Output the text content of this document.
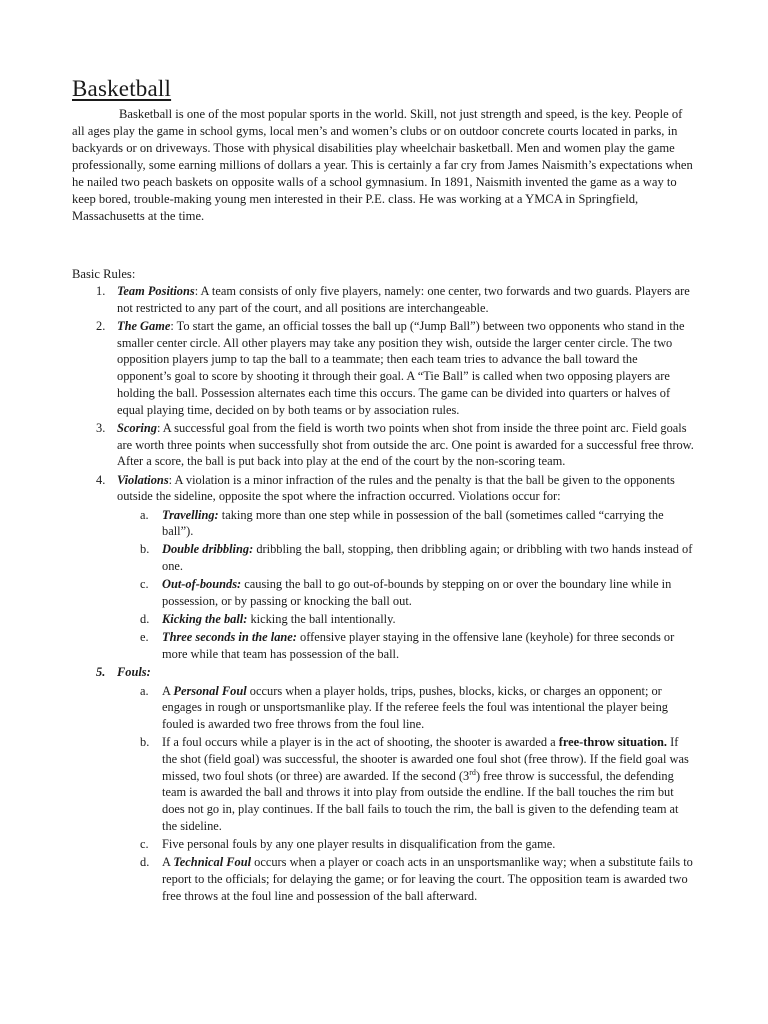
Basketball

Basketball is one of the most popular sports in the world. Skill, not just strength and speed, is the key. People of all ages play the game in school gyms, local men’s and women’s clubs or on outdoor concrete courts located in parks, in backyards or on driveways. Those with physical disabilities play wheelchair basketball. Men and women play the game professionally, some earning millions of dollars a year. This is certainly a far cry from James Naismith’s expectations when he nailed two peach baskets on opposite walls of a school gymnasium. In 1891, Naismith invented the game as a way to keep bored, trouble-making young men interested in their P.E. class. He was working at a YMCA in Springfield, Massachusetts at the time.

Basic Rules:

1. Team Positions: A team consists of only five players, namely: one center, two forwards and two guards. Players are not restricted to any part of the court, and all positions are interchangeable.
2. The Game: To start the game, an official tosses the ball up (“Jump Ball”) between two opponents who stand in the smaller center circle. All other players may take any position they wish, outside the larger center circle. The two opposition players jump to tap the ball to a teammate; then each team tries to advance the ball toward the opponent’s goal to score by shooting it through their goal. A “Tie Ball” is called when two opposing players are holding the ball. Possession alternates each time this occurs. The game can be divided into quarters or halves of equal playing time, decided on by both teams or by association rules.
3. Scoring: A successful goal from the field is worth two points when shot from inside the three point arc. Field goals are worth three points when successfully shot from outside the arc. One point is awarded for a successful free throw. After a score, the ball is put back into play at the end of the court by the non-scoring team.
4. Violations: A violation is a minor infraction of the rules and the penalty is that the ball be given to the opponents outside the sideline, opposite the spot where the infraction occurred. Violations occur for:
a. Travelling: taking more than one step while in possession of the ball (sometimes called “carrying the ball”).
b. Double dribbling: dribbling the ball, stopping, then dribbling again; or dribbling with two hands instead of one.
c. Out-of-bounds: causing the ball to go out-of-bounds by stepping on or over the boundary line while in possession, or by passing or knocking the ball out.
d. Kicking the ball: kicking the ball intentionally.
e. Three seconds in the lane: offensive player staying in the offensive lane (keyhole) for three seconds or more while that team has possession of the ball.
5. Fouls:
a. A Personal Foul occurs when a player holds, trips, pushes, blocks, kicks, or charges an opponent; or engages in rough or unsportsmanlike play. If the referee feels the foul was intentional the player being fouled is awarded two free throws from the foul line.
b. If a foul occurs while a player is in the act of shooting, the shooter is awarded a free-throw situation. If the shot (field goal) was successful, the shooter is awarded one foul shot (free throw). If the field goal was missed, two foul shots (or three) are awarded. If the second (3rd) free throw is successful, the defending team is awarded the ball and throws it into play from outside the endline. If the ball touches the rim but does not go in, play continues. If the ball fails to touch the rim, the ball is given to the defending team at the sideline.
c. Five personal fouls by any one player results in disqualification from the game.
d. A Technical Foul occurs when a player or coach acts in an unsportsmanlike way; when a substitute fails to report to the officials; for delaying the game; or for leaving the court. The opposition team is awarded two free throws at the foul line and possession of the ball afterward.
